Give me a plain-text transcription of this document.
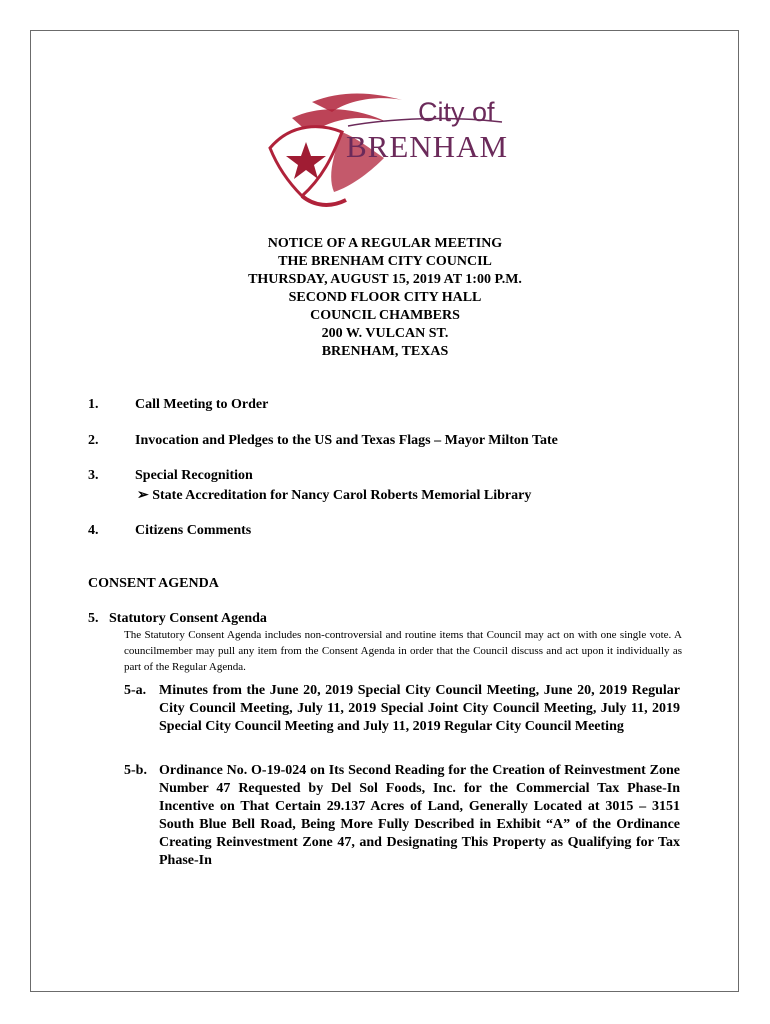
City of
BRENHAM
NOTICE OF A REGULAR MEETING
THE BRENHAM CITY COUNCIL
THURSDAY, AUGUST 15, 2019 AT 1:00 P.M.
SECOND FLOOR CITY HALL
COUNCIL CHAMBERS
200 W. VULCAN ST.
BRENHAM, TEXAS
1.	Call Meeting to Order
2.	Invocation and Pledges to the US and Texas Flags – Mayor Milton Tate
3.	Special Recognition
➢ State Accreditation for Nancy Carol Roberts Memorial Library
4.	Citizens Comments
CONSENT AGENDA
5.   Statutory Consent Agenda
The Statutory Consent Agenda includes non-controversial and routine items that Council may act on with one single vote. A councilmember may pull any item from the Consent Agenda in order that the Council discuss and act upon it individually as part of the Regular Agenda.
5-a. Minutes from the June 20, 2019 Special City Council Meeting, June 20, 2019 Regular City Council Meeting, July 11, 2019 Special Joint City Council Meeting, July 11, 2019 Special City Council Meeting and July 11, 2019 Regular City Council Meeting
5-b. Ordinance No. O-19-024 on Its Second Reading for the Creation of Reinvestment Zone Number 47 Requested by Del Sol Foods, Inc. for the Commercial Tax Phase-In Incentive on That Certain 29.137 Acres of Land, Generally Located at 3015 – 3151 South Blue Bell Road, Being More Fully Described in Exhibit “A” of the Ordinance Creating Reinvestment Zone 47, and Designating This Property as Qualifying for Tax Phase-In
